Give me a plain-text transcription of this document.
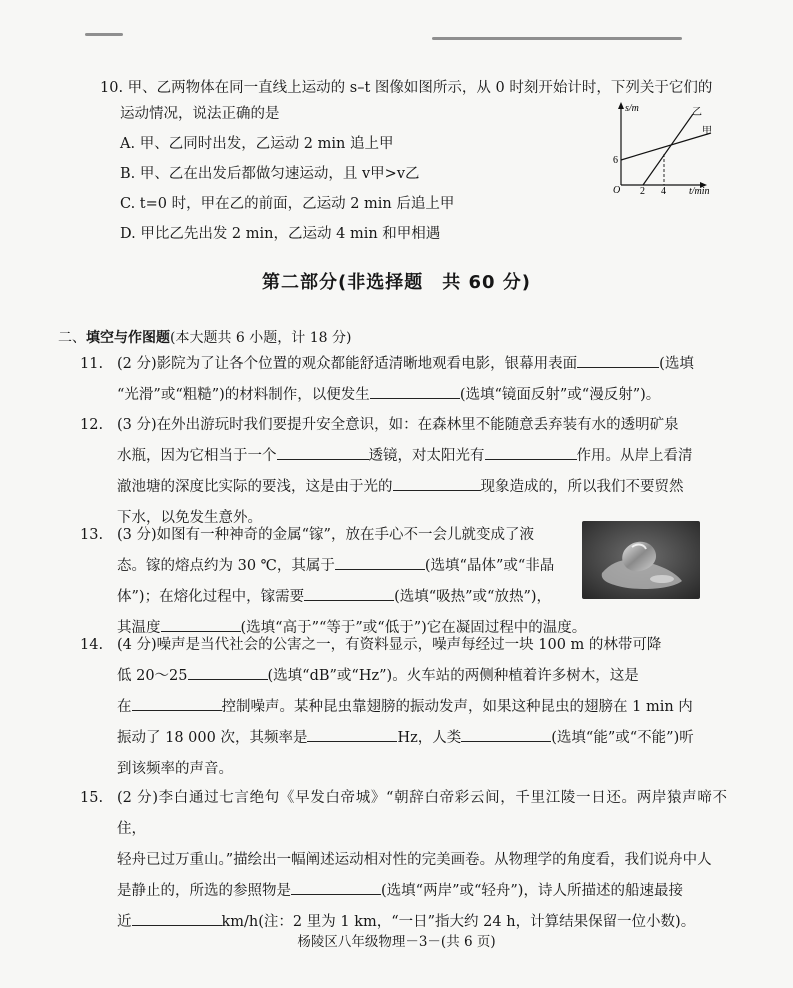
10. 甲、乙两物体在同一直线上运动的 s–t 图像如图所示，从 0 时刻开始计时，下列关于它们的
运动情况，说法正确的是
A. 甲、乙同时出发，乙运动 2 min 追上甲
B. 甲、乙在出发后都做匀速运动，且 v甲>v乙
C. t=0 时，甲在乙的前面，乙运动 2 min 后追上甲
D. 甲比乙先出发 2 min，乙运动 4 min 和甲相遇
s/m
t/min
O
6
2 4
乙
甲
第二部分(非选择题　共 60 分)
二、填空与作图题(本大题共 6 小题，计 18 分)
11. (2 分)影院为了让各个位置的观众都能舒适清晰地观看电影，银幕用表面	(选填
“光滑”或“粗糙”)的材料制作，以便发生	(选填“镜面反射”或“漫反射”)。
12. (3 分)在外出游玩时我们要提升安全意识，如：在森林里不能随意丢弃装有水的透明矿泉
水瓶，因为它相当于一个	透镜，对太阳光有	作用。从岸上看清
澈池塘的深度比实际的要浅，这是由于光的	现象造成的，所以我们不要贸然
下水，以免发生意外。
13. (3 分)如图有一种神奇的金属“镓”，放在手心不一会儿就变成了液
态。镓的熔点约为 30 ℃，其属于	(选填“晶体”或“非晶
体”)；在熔化过程中，镓需要	(选填“吸热”或“放热”)，
其温度	(选填“高于”“等于”或“低于”)它在凝固过程中的温度。
14. (4 分)噪声是当代社会的公害之一，有资料显示，噪声每经过一块 100 m 的林带可降
低 20～25	(选填“dB”或“Hz”)。火车站的两侧种植着许多树木，这是
在	控制噪声。某种昆虫靠翅膀的振动发声，如果这种昆虫的翅膀在 1 min 内
振动了 18 000 次，其频率是	Hz，人类	(选填“能”或“不能”)听
到该频率的声音。
15. (2 分)李白通过七言绝句《早发白帝城》“朝辞白帝彩云间，千里江陵一日还。两岸猿声啼不住，
轻舟已过万重山。”描绘出一幅阐述运动相对性的完美画卷。从物理学的角度看，我们说舟中人
是静止的，所选的参照物是	(选填“两岸”或“轻舟”)，诗人所描述的船速最接
近	km/h(注：2 里为 1 km，“一日”指大约 24 h，计算结果保留一位小数)。
杨陵区八年级物理－3－(共 6 页)
